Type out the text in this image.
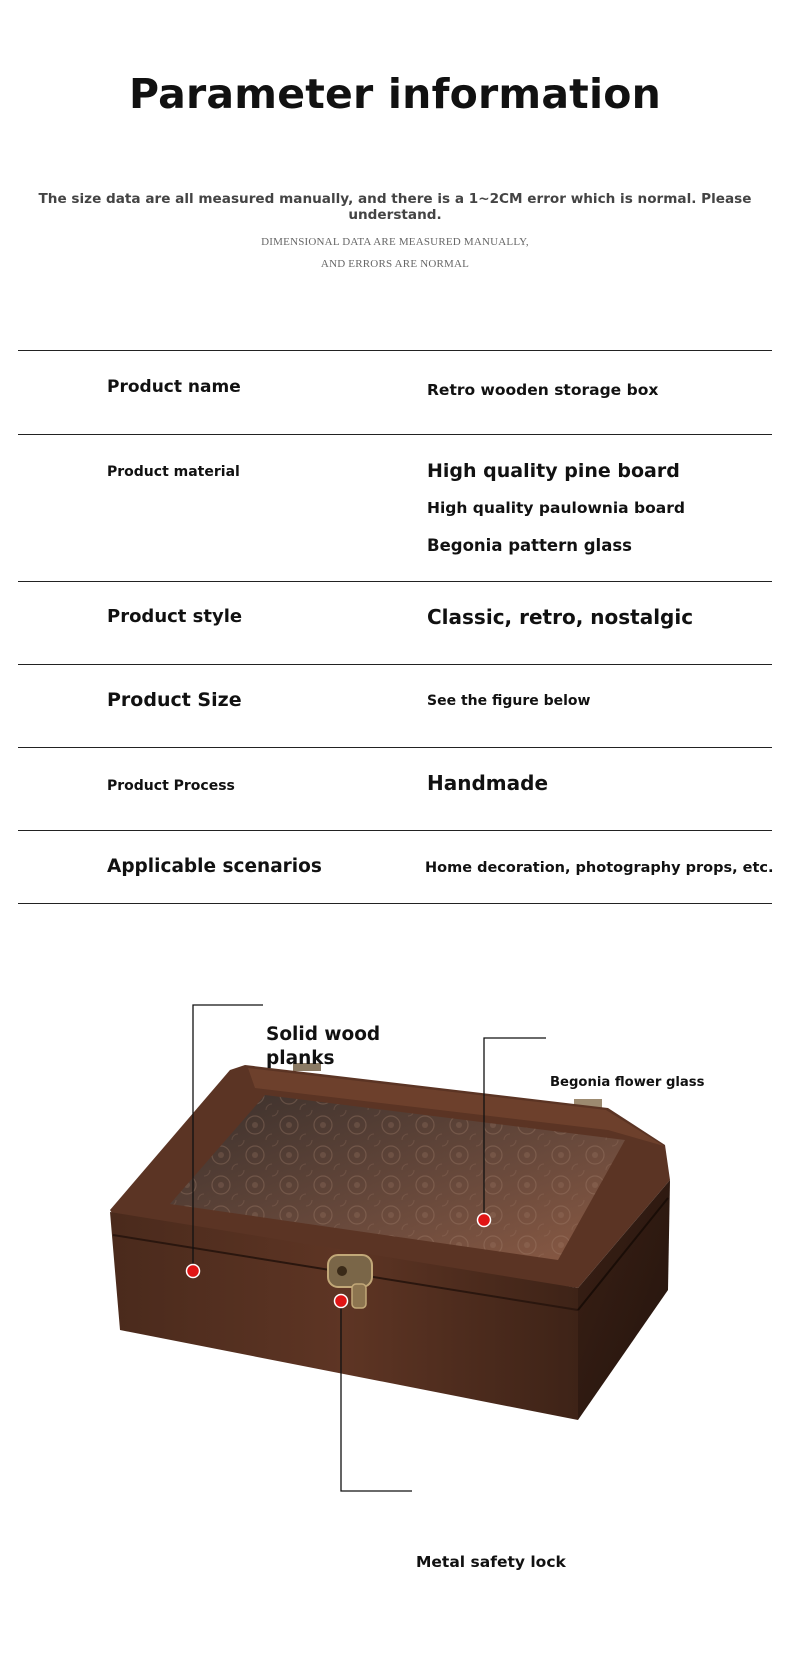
Parameter information
The size data are all measured manually, and there is a 1~2CM error which is normal. Please understand.
DIMENSIONAL DATA ARE MEASURED MANUALLY,
AND ERRORS ARE NORMAL
Product name	Retro wooden storage box
Product material	High quality pine board
High quality paulownia board
Begonia pattern glass
Product style	Classic, retro, nostalgic
Product Size	See the figure below
Product Process	Handmade
Applicable scenarios	Home decoration, photography props, etc.
Solid wood
planks
Begonia flower glass
Metal safety lock
